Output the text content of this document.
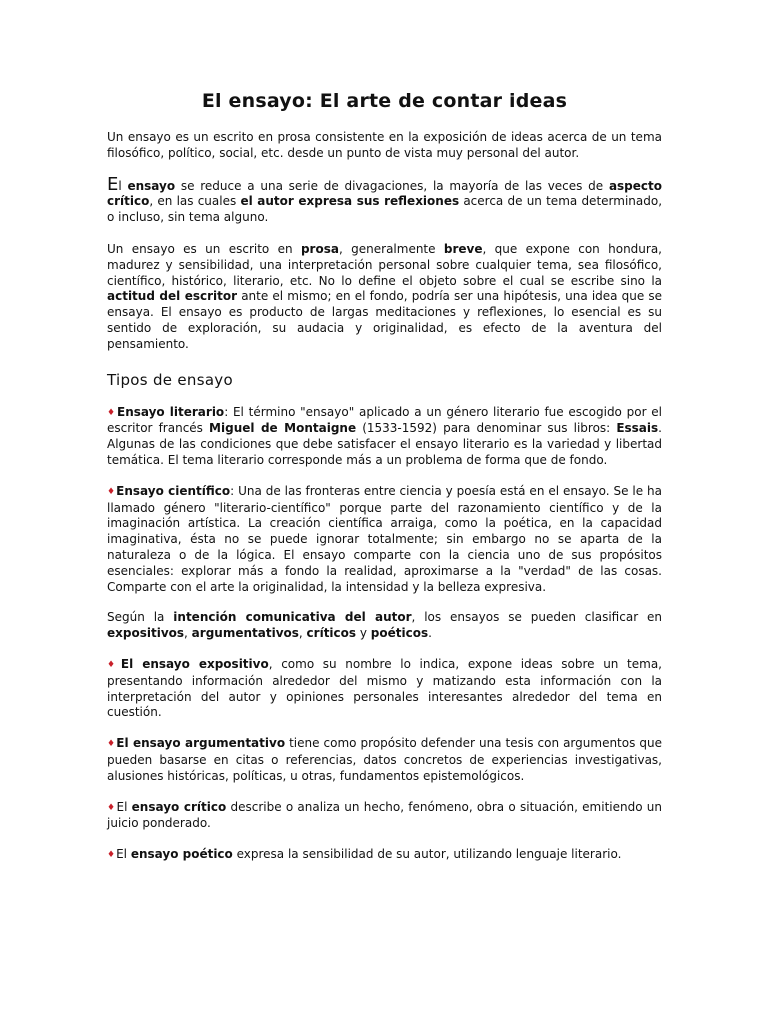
El ensayo: El arte de contar ideas

Un ensayo es un escrito en prosa consistente en la exposición de ideas acerca de un tema filosófico, político, social, etc. desde un punto de vista muy personal del autor.

El ensayo se reduce a una serie de divagaciones, la mayoría de las veces de aspecto crítico, en las cuales el autor expresa sus reflexiones acerca de un tema determinado, o incluso, sin tema alguno.

Un ensayo es un escrito en prosa, generalmente breve, que expone con hondura, madurez y sensibilidad, una interpretación personal sobre cualquier tema, sea filosófico, científico, histórico, literario, etc. No lo define el objeto sobre el cual se escribe sino la actitud del escritor ante el mismo; en el fondo, podría ser una hipótesis, una idea que se ensaya. El ensayo es producto de largas meditaciones y reflexiones, lo esencial es su sentido de exploración, su audacia y originalidad, es efecto de la aventura del pensamiento.

Tipos de ensayo

♦Ensayo literario: El término "ensayo" aplicado a un género literario fue escogido por el escritor francés Miguel de Montaigne (1533-1592) para denominar sus libros: Essais. Algunas de las condiciones que debe satisfacer el ensayo literario es la variedad y libertad temática. El tema literario corresponde más a un problema de forma que de fondo.

♦Ensayo científico: Una de las fronteras entre ciencia y poesía está en el ensayo. Se le ha llamado género "literario-científico" porque parte del razonamiento científico y de la imaginación artística. La creación científica arraiga, como la poética, en la capacidad imaginativa, ésta no se puede ignorar totalmente; sin embargo no se aparta de la naturaleza o de la lógica. El ensayo comparte con la ciencia uno de sus propósitos esenciales: explorar más a fondo la realidad, aproximarse a la "verdad" de las cosas. Comparte con el arte la originalidad, la intensidad y la belleza expresiva.

Según la intención comunicativa del autor, los ensayos se pueden clasificar en expositivos, argumentativos, críticos y poéticos.

♦El ensayo expositivo, como su nombre lo indica, expone ideas sobre un tema, presentando información alrededor del mismo y matizando esta información con la interpretación del autor y opiniones personales interesantes alrededor del tema en cuestión.

♦El ensayo argumentativo tiene como propósito defender una tesis con argumentos que pueden basarse en citas o referencias, datos concretos de experiencias investigativas, alusiones históricas, políticas, u otras, fundamentos epistemológicos.

♦El ensayo crítico describe o analiza un hecho, fenómeno, obra o situación, emitiendo un juicio ponderado.

♦El ensayo poético expresa la sensibilidad de su autor, utilizando lenguaje literario.
